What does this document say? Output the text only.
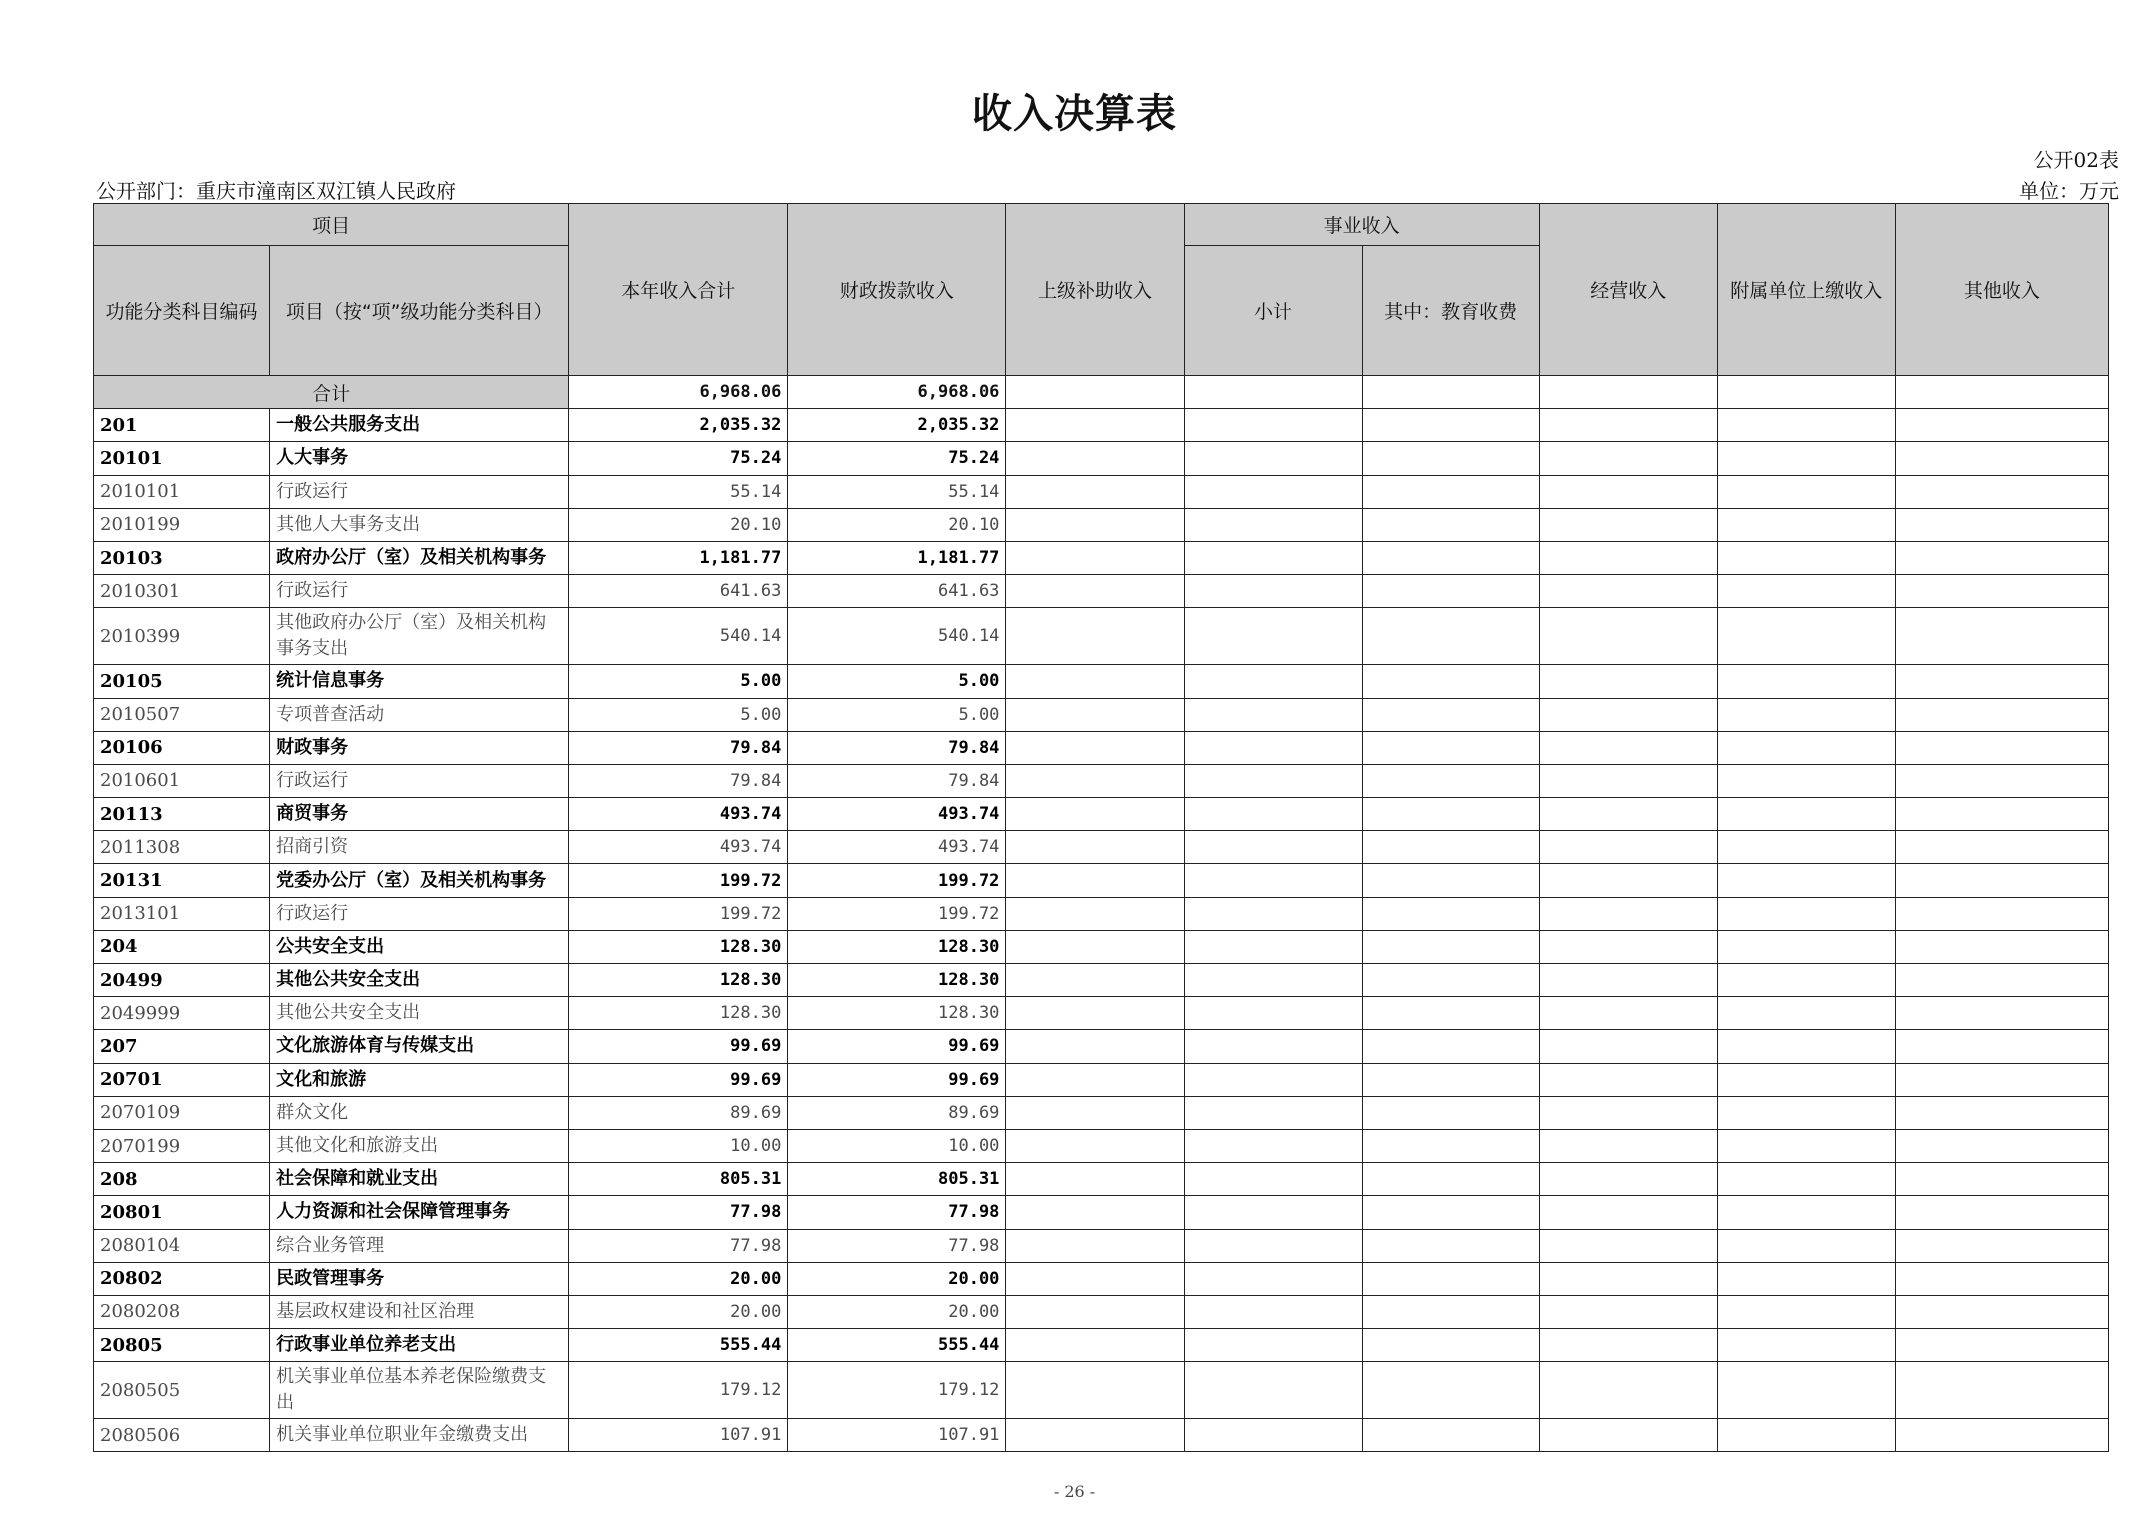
收入决算表
公开02表
公开部门：重庆市潼南区双江镇人民政府	单位：万元
项目		本年收入合计	财政拨款收入	上级补助收入	事业收入		经营收入	附属单位上缴收入	其他收入
功能分类科目编码	项目（按“项”级功能分类科目）				小计	其中：教育收费			
合计		6,968.06	6,968.06						
201	一般公共服务支出	2,035.32	2,035.32						
20101	人大事务	75.24	75.24						
2010101	行政运行	55.14	55.14						
2010199	其他人大事务支出	20.10	20.10						
20103	政府办公厅（室）及相关机构事务	1,181.77	1,181.77						
2010301	行政运行	641.63	641.63						
2010399	其他政府办公厅（室）及相关机构事务支出	540.14	540.14						
20105	统计信息事务	5.00	5.00						
2010507	专项普查活动	5.00	5.00						
20106	财政事务	79.84	79.84						
2010601	行政运行	79.84	79.84						
20113	商贸事务	493.74	493.74						
2011308	招商引资	493.74	493.74						
20131	党委办公厅（室）及相关机构事务	199.72	199.72						
2013101	行政运行	199.72	199.72						
204	公共安全支出	128.30	128.30						
20499	其他公共安全支出	128.30	128.30						
2049999	其他公共安全支出	128.30	128.30						
207	文化旅游体育与传媒支出	99.69	99.69						
20701	文化和旅游	99.69	99.69						
2070109	群众文化	89.69	89.69						
2070199	其他文化和旅游支出	10.00	10.00						
208	社会保障和就业支出	805.31	805.31						
20801	人力资源和社会保障管理事务	77.98	77.98						
2080104	综合业务管理	77.98	77.98						
20802	民政管理事务	20.00	20.00						
2080208	基层政权建设和社区治理	20.00	20.00						
20805	行政事业单位养老支出	555.44	555.44						
2080505	机关事业单位基本养老保险缴费支出	179.12	179.12						
2080506	机关事业单位职业年金缴费支出	107.91	107.91						
- 26 -
